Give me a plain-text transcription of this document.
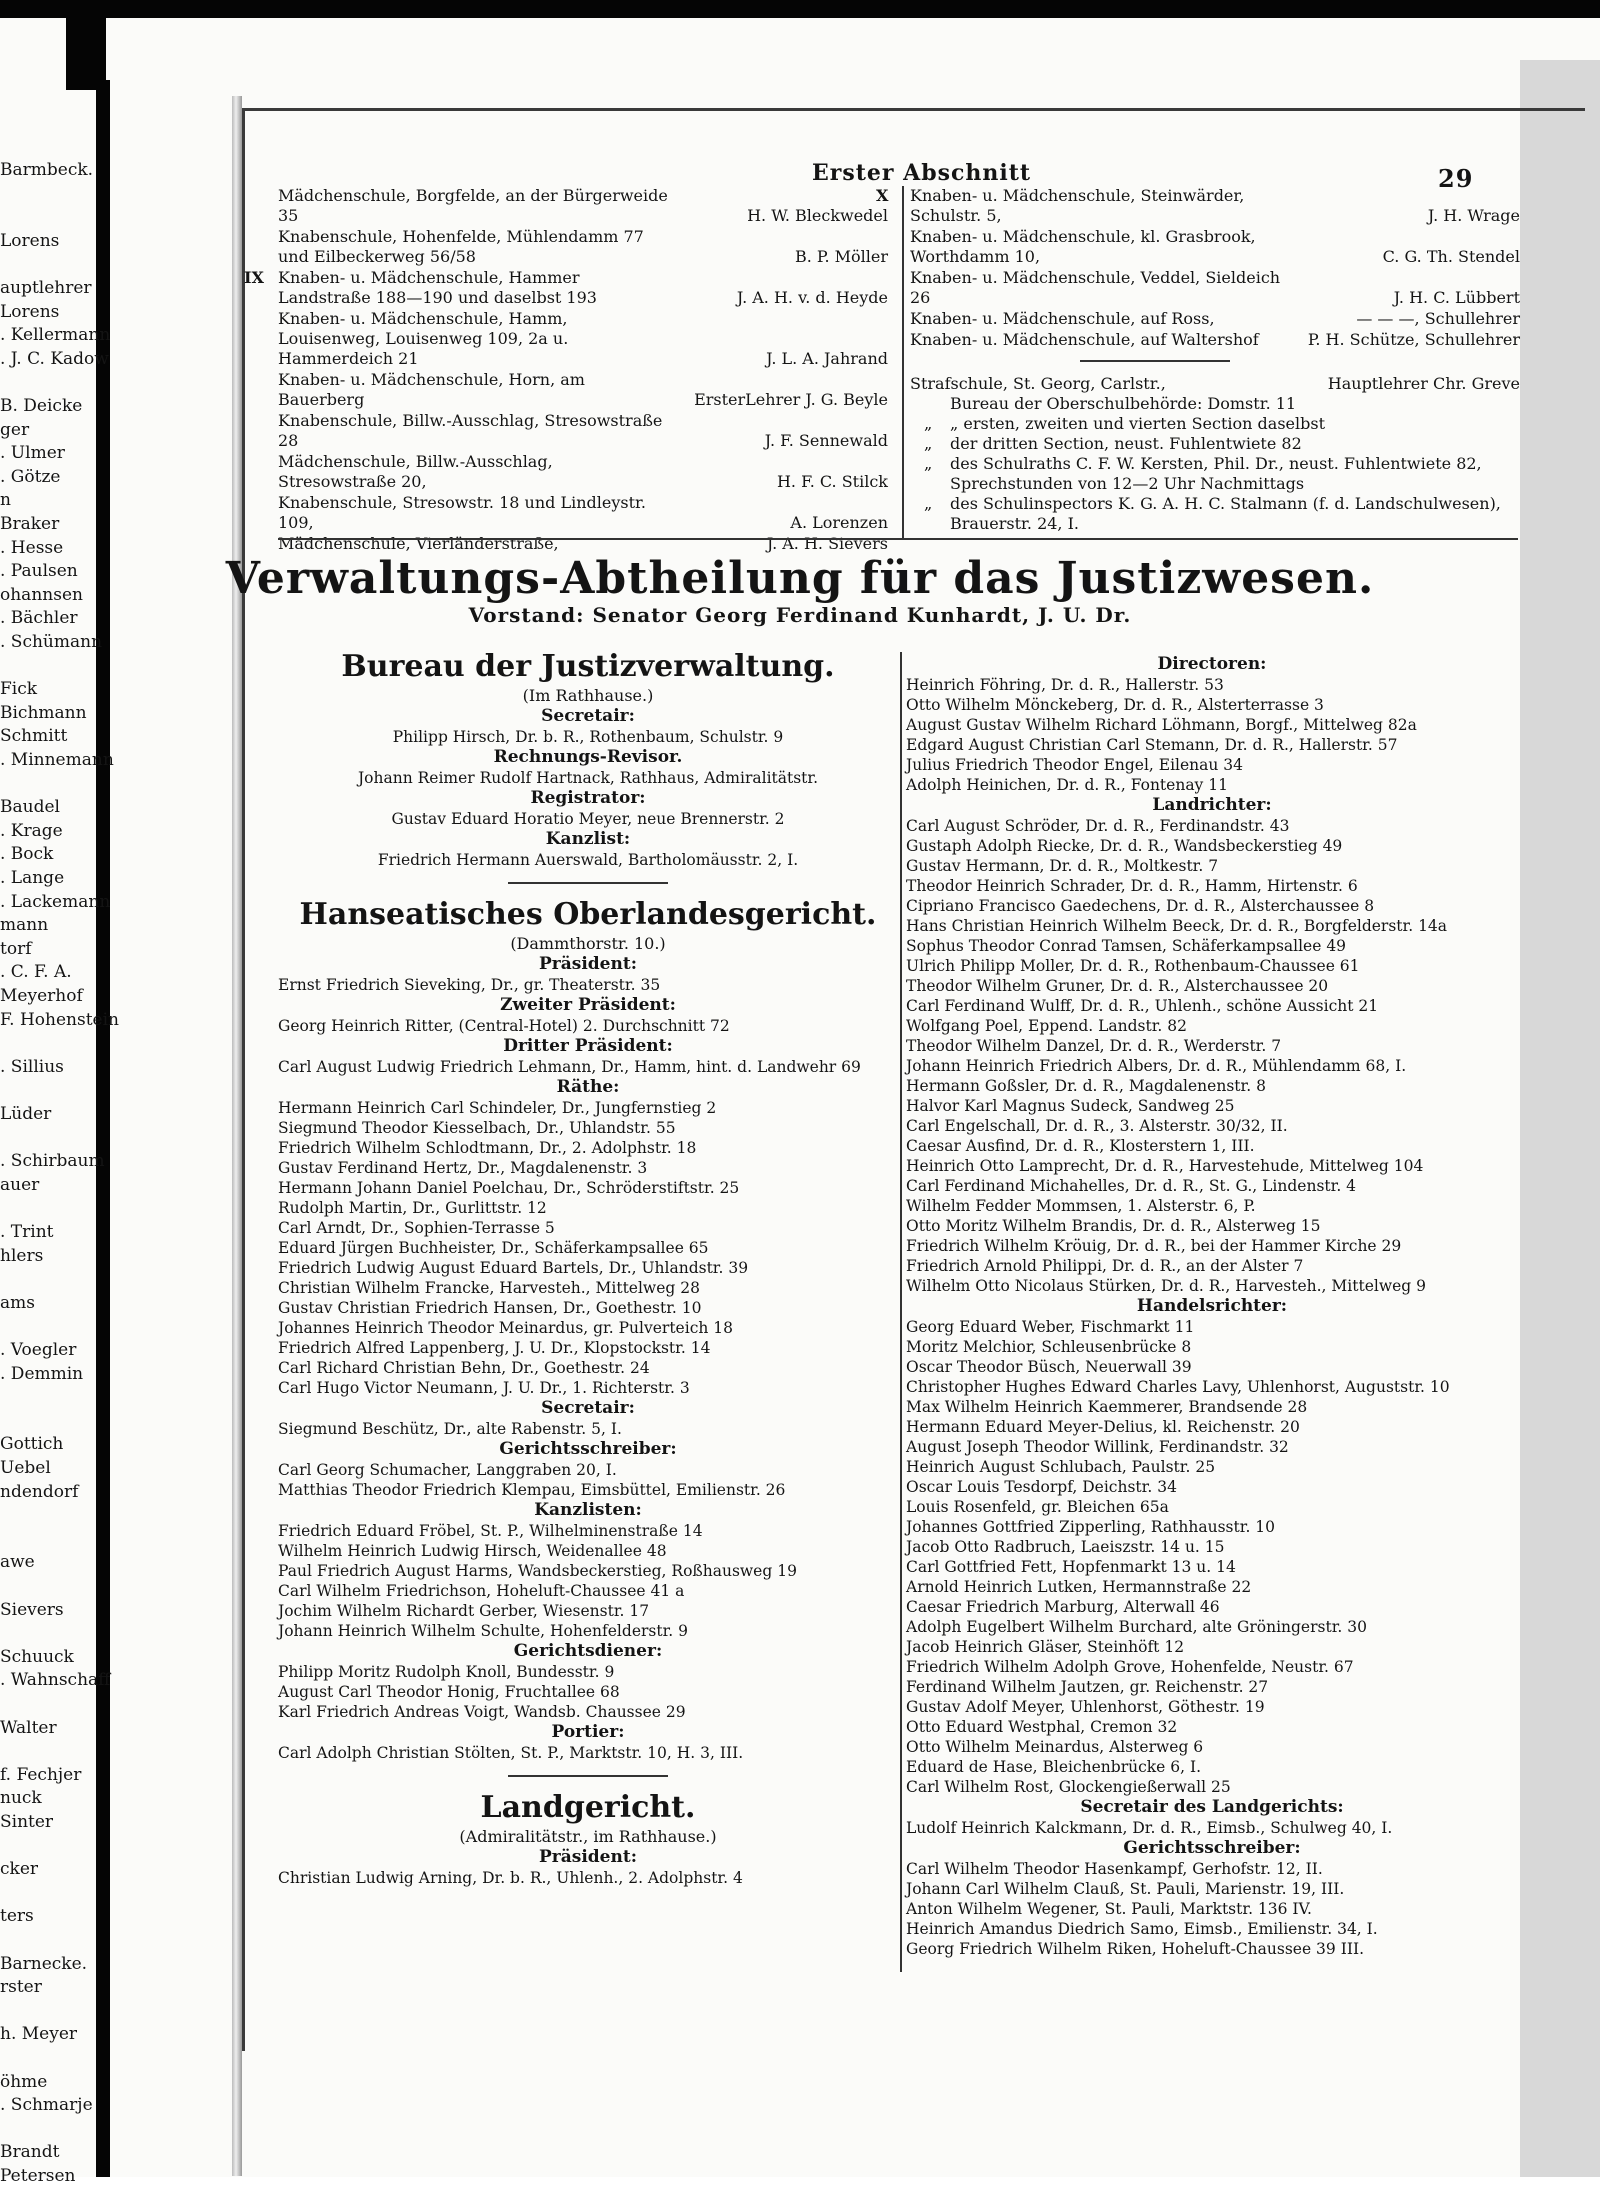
Barmbeck.
Lorens
auptlehrer
Lorens
. Kellermann
. J. C. Kadow
B. Deicke
ger
. Ulmer
. Götze
n
Braker
. Hesse
. Paulsen
ohannsen
. Bächler
. Schümann
Fick
Bichmann
Schmitt
. Minnemann
Baudel
. Krage
. Bock
. Lange
. Lackemann
mann
torf
. C. F. A.
Meyerhof
F. Hohenstein
. Sillius
Lüder
. Schirbaum
auer
. Trint
hlers
ams
. Voegler
. Demmin
Gottich
Uebel
ndendorf
awe
Sievers
Schuuck
. Wahnschaff
Walter
f. Fechjer
nuck
Sinter
cker
ters
Barnecke.
rster
h. Meyer
öhme
. Schmarje
Brandt
Petersen
Erster Abschnitt	29
Mädchenschule, Borgfelde, an der Bürgerweide 35	H. W. Bleckwedel
Knabenschule, Hohenfelde, Mühlendamm 77 und Eilbeckerweg 56/58	B. P. Möller
IX Knaben- u. Mädchenschule, Hammer Landstraße 188—190 und daselbst 193	J. A. H. v. d. Heyde
Knaben- u. Mädchenschule, Hamm, Louisenweg, Louisenweg 109, 2a u. Hammerdeich 21	J. L. A. Jahrand
Knaben- u. Mädchenschule, Horn, am Bauerberg	ErsterLehrer J. G. Beyle
Knabenschule, Billw.-Ausschlag, Stresowstraße 28	J. F. Sennewald
Mädchenschule, Billw.-Ausschlag, Stresowstraße 20,	H. F. C. Stilck
Knabenschule, Stresowstr. 18 und Lindleystr. 109,	A. Lorenzen
Mädchenschule, Vierländerstraße,	J. A. H. Sievers
X Knaben- u. Mädchenschule, Steinwärder, Schulstr. 5,	J. H. Wrage
Knaben- u. Mädchenschule, kl. Grasbrook, Worthdamm 10,	C. G. Th. Stendel
Knaben- u. Mädchenschule, Veddel, Sieldeich 26	J. H. C. Lübbert
Knaben- u. Mädchenschule, auf Ross,	— — —, Schullehrer
Knaben- u. Mädchenschule, auf Waltershof	P. H. Schütze, Schullehrer
Strafschule, St. Georg, Carlstr.,	Hauptlehrer Chr. Greve
Bureau der Oberschulbehörde: Domstr. 11
„ „ ersten, zweiten und vierten Section daselbst
„ der dritten Section, neust. Fuhlentwiete 82
„ des Schulraths C. F. W. Kersten, Phil. Dr., neust. Fuhlentwiete 82, Sprechstunden von 12—2 Uhr Nachmittags
„ des Schulinspectors K. G. A. H. C. Stalmann (f. d. Landschulwesen), Brauerstr. 24, I.
Verwaltungs-Abtheilung für das Justizwesen.
Vorstand: Senator Georg Ferdinand Kunhardt, J. U. Dr.
Bureau der Justizverwaltung.
(Im Rathhause.)
Secretair:
Philipp Hirsch, Dr. b. R., Rothenbaum, Schulstr. 9
Rechnungs-Revisor.
Johann Reimer Rudolf Hartnack, Rathhaus, Admiralitätstr.
Registrator:
Gustav Eduard Horatio Meyer, neue Brennerstr. 2
Kanzlist:
Friedrich Hermann Auerswald, Bartholomäusstr. 2, I.
Hanseatisches Oberlandesgericht.
(Dammthorstr. 10.)
Präsident:
Ernst Friedrich Sieveking, Dr., gr. Theaterstr. 35
Zweiter Präsident:
Georg Heinrich Ritter, (Central-Hotel) 2. Durchschnitt 72
Dritter Präsident:
Carl August Ludwig Friedrich Lehmann, Dr., Hamm, hint. d. Landwehr 69
Räthe:
Hermann Heinrich Carl Schindeler, Dr., Jungfernstieg 2
Siegmund Theodor Kiesselbach, Dr., Uhlandstr. 55
Friedrich Wilhelm Schlodtmann, Dr., 2. Adolphstr. 18
Gustav Ferdinand Hertz, Dr., Magdalenenstr. 3
Hermann Johann Daniel Poelchau, Dr., Schröderstiftstr. 25
Rudolph Martin, Dr., Gurlittstr. 12
Carl Arndt, Dr., Sophien-Terrasse 5
Eduard Jürgen Buchheister, Dr., Schäferkampsallee 65
Friedrich Ludwig August Eduard Bartels, Dr., Uhlandstr. 39
Christian Wilhelm Francke, Harvesteh., Mittelweg 28
Gustav Christian Friedrich Hansen, Dr., Goethestr. 10
Johannes Heinrich Theodor Meinardus, gr. Pulverteich 18
Friedrich Alfred Lappenberg, J. U. Dr., Klopstockstr. 14
Carl Richard Christian Behn, Dr., Goethestr. 24
Carl Hugo Victor Neumann, J. U. Dr., 1. Richterstr. 3
Secretair:
Siegmund Beschütz, Dr., alte Rabenstr. 5, I.
Gerichtsschreiber:
Carl Georg Schumacher, Langgraben 20, I.
Matthias Theodor Friedrich Klempau, Eimsbüttel, Emilienstr. 26
Kanzlisten:
Friedrich Eduard Fröbel, St. P., Wilhelminenstraße 14
Wilhelm Heinrich Ludwig Hirsch, Weidenallee 48
Paul Friedrich August Harms, Wandsbeckerstieg, Roßhausweg 19
Carl Wilhelm Friedrichson, Hoheluft-Chaussee 41 a
Jochim Wilhelm Richardt Gerber, Wiesenstr. 17
Johann Heinrich Wilhelm Schulte, Hohenfelderstr. 9
Gerichtsdiener:
Philipp Moritz Rudolph Knoll, Bundesstr. 9
August Carl Theodor Honig, Fruchtallee 68
Karl Friedrich Andreas Voigt, Wandsb. Chaussee 29
Portier:
Carl Adolph Christian Stölten, St. P., Marktstr. 10, H. 3, III.
Landgericht.
(Admiralitätstr., im Rathhause.)
Präsident:
Christian Ludwig Arning, Dr. b. R., Uhlenh., 2. Adolphstr. 4
Directoren:
Heinrich Föhring, Dr. d. R., Hallerstr. 53
Otto Wilhelm Mönckeberg, Dr. d. R., Alsterterrasse 3
August Gustav Wilhelm Richard Löhmann, Borgf., Mittelweg 82a
Edgard August Christian Carl Stemann, Dr. d. R., Hallerstr. 57
Julius Friedrich Theodor Engel, Eilenau 34
Adolph Heinichen, Dr. d. R., Fontenay 11
Landrichter:
Carl August Schröder, Dr. d. R., Ferdinandstr. 43
Gustaph Adolph Riecke, Dr. d. R., Wandsbeckerstieg 49
Gustav Hermann, Dr. d. R., Moltkestr. 7
Theodor Heinrich Schrader, Dr. d. R., Hamm, Hirtenstr. 6
Cipriano Francisco Gaedechens, Dr. d. R., Alsterchaussee 8
Hans Christian Heinrich Wilhelm Beeck, Dr. d. R., Borgfelderstr. 14a
Sophus Theodor Conrad Tamsen, Schäferkampsallee 49
Ulrich Philipp Moller, Dr. d. R., Rothenbaum-Chaussee 61
Theodor Wilhelm Gruner, Dr. d. R., Alsterchaussee 20
Carl Ferdinand Wulff, Dr. d. R., Uhlenh., schöne Aussicht 21
Wolfgang Poel, Eppend. Landstr. 82
Theodor Wilhelm Danzel, Dr. d. R., Werderstr. 7
Johann Heinrich Friedrich Albers, Dr. d. R., Mühlendamm 68, I.
Hermann Goßsler, Dr. d. R., Magdalenenstr. 8
Halvor Karl Magnus Sudeck, Sandweg 25
Carl Engelschall, Dr. d. R., 3. Alsterstr. 30/32, II.
Caesar Ausfind, Dr. d. R., Klosterstern 1, III.
Heinrich Otto Lamprecht, Dr. d. R., Harvestehude, Mittelweg 104
Carl Ferdinand Michahelles, Dr. d. R., St. G., Lindenstr. 4
Wilhelm Fedder Mommsen, 1. Alsterstr. 6, P.
Otto Moritz Wilhelm Brandis, Dr. d. R., Alsterweg 15
Friedrich Wilhelm Kröuig, Dr. d. R., bei der Hammer Kirche 29
Friedrich Arnold Philippi, Dr. d. R., an der Alster 7
Wilhelm Otto Nicolaus Stürken, Dr. d. R., Harvesteh., Mittelweg 9
Handelsrichter:
Georg Eduard Weber, Fischmarkt 11
Moritz Melchior, Schleusenbrücke 8
Oscar Theodor Büsch, Neuerwall 39
Christopher Hughes Edward Charles Lavy, Uhlenhorst, Auguststr. 10
Max Wilhelm Heinrich Kaemmerer, Brandsende 28
Hermann Eduard Meyer-Delius, kl. Reichenstr. 20
August Joseph Theodor Willink, Ferdinandstr. 32
Heinrich August Schlubach, Paulstr. 25
Oscar Louis Tesdorpf, Deichstr. 34
Louis Rosenfeld, gr. Bleichen 65a
Johannes Gottfried Zipperling, Rathhausstr. 10
Jacob Otto Radbruch, Laeiszstr. 14 u. 15
Carl Gottfried Fett, Hopfenmarkt 13 u. 14
Arnold Heinrich Lutken, Hermannstraße 22
Caesar Friedrich Marburg, Alterwall 46
Adolph Eugelbert Wilhelm Burchard, alte Gröningerstr. 30
Jacob Heinrich Gläser, Steinhöft 12
Friedrich Wilhelm Adolph Grove, Hohenfelde, Neustr. 67
Ferdinand Wilhelm Jautzen, gr. Reichenstr. 27
Gustav Adolf Meyer, Uhlenhorst, Göthestr. 19
Otto Eduard Westphal, Cremon 32
Otto Wilhelm Meinardus, Alsterweg 6
Eduard de Hase, Bleichenbrücke 6, I.
Carl Wilhelm Rost, Glockengießerwall 25
Secretair des Landgerichts:
Ludolf Heinrich Kalckmann, Dr. d. R., Eimsb., Schulweg 40, I.
Gerichtsschreiber:
Carl Wilhelm Theodor Hasenkampf, Gerhofstr. 12, II.
Johann Carl Wilhelm Clauß, St. Pauli, Marienstr. 19, III.
Anton Wilhelm Wegener, St. Pauli, Marktstr. 136 IV.
Heinrich Amandus Diedrich Samo, Eimsb., Emilienstr. 34, I.
Georg Friedrich Wilhelm Riken, Hoheluft-Chaussee 39 III.
